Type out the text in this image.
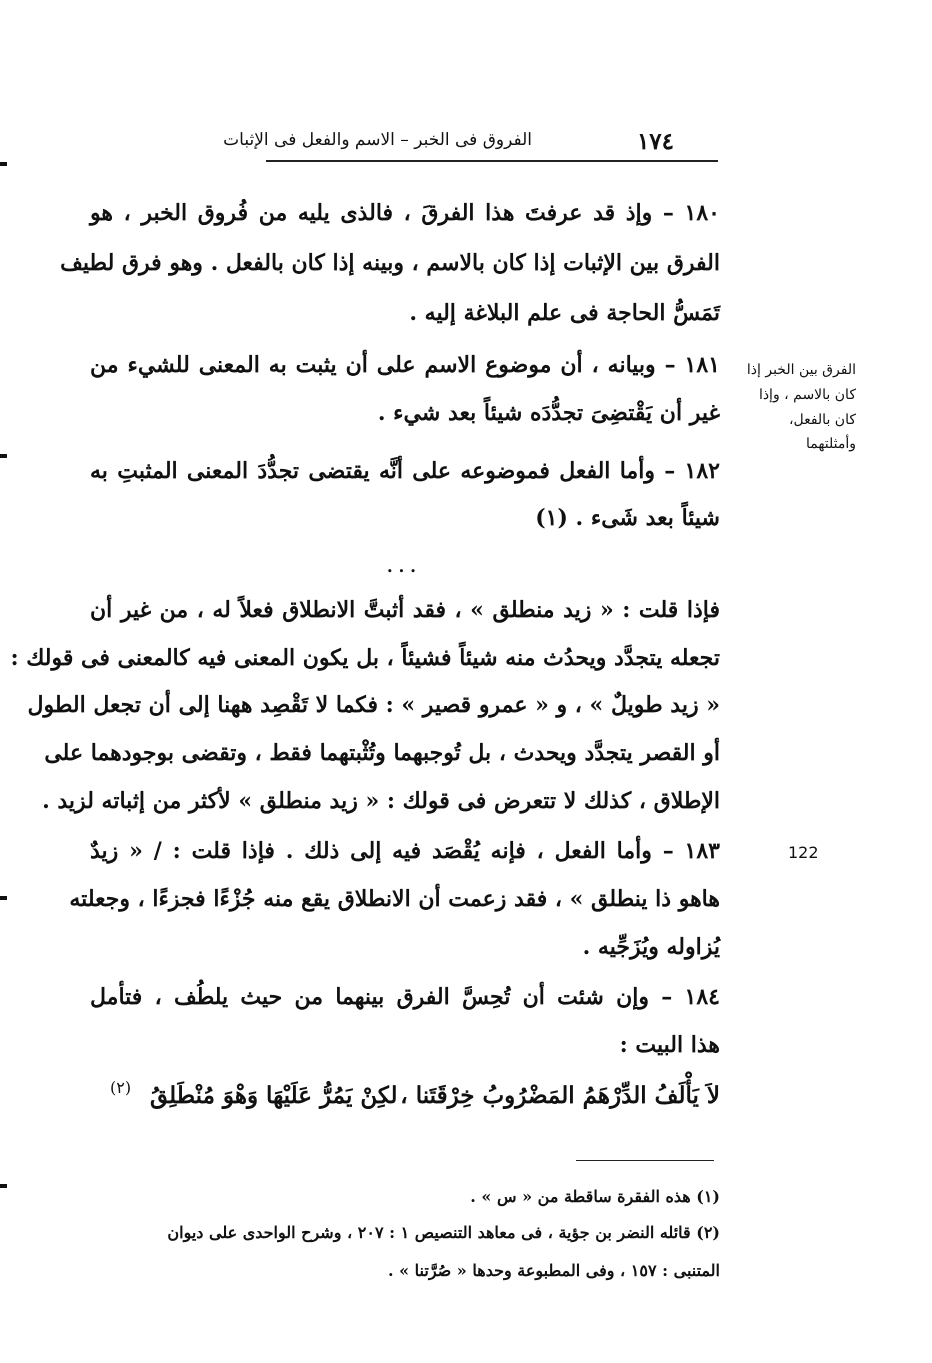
الفروق فى الخبر – الاسم والفعل فى الإثبات	١٧٤
١٨٠ – وإذ قد عرفتَ هذا الفرقَ ، فالذى يليه من فُروق الخبر ، هو
الفرق بين الإثبات إذا كان بالاسم ، وبينه إذا كان بالفعل . وهو فرق لطيف
تَمَسُّ الحاجة فى علم البلاغة إليه .
١٨١ – وبيانه ، أن موضوع الاسم على أن يثبت به المعنى للشيء من
غير أن يَقْتضِىَ تجدُّدَه شيئاً بعد شيء .
١٨٢ – وأما الفعل فموضوعه على أنَّه يقتضى تجدُّدَ المعنى المثبتِ به
شيئاً بعد شَىء . (١)
...
فإذا قلت : « زيد منطلق » ، فقد أثبتَّ الانطلاق فعلاً له ، من غير أن
تجعله يتجدَّد ويحدُث منه شيئاً فشيئاً ، بل يكون المعنى فيه كالمعنى فى قولك :
« زيد طويلٌ » ، و « عمرو قصير » : فكما لا تَقْصِد ههنا إلى أن تجعل الطول
أو القصر يتجدَّد ويحدث ، بل تُوجبهما وتُثْبتهما فقط ، وتقضى بوجودهما على
الإطلاق ، كذلك لا تتعرض فى قولك : « زيد منطلق » لأكثر من إثباته لزيد .
١٨٣ – وأما الفعل ، فإنه يُقْصَد فيه إلى ذلك . فإذا قلت : / « زيدٌ
هاهو ذا ينطلق » ، فقد زعمت أن الانطلاق يقع منه جُزْءًا فجزءًا ، وجعلته
يُزاوله ويُزَجِّيه .
١٨٤ – وإن شئت أن تُحِسَّ الفرق بينهما من حيث يلطُف ، فتأمل
هذا البيت :
لاَ يَأْلَفُ الدِّرْهَمُ المَضْرُوبُ خِرْقَتَنا ،
لكِنْ يَمُرُّ عَلَيْهَا وَهْوَ مُنْطَلِقُ
(٢)
الفرق بين الخبر إذا
كان بالاسم ، وإذا
كان بالفعل، وأمثلتهما
122
(١) هذه الفقرة ساقطة من « س » .
(٢) قائله النضر بن جؤية ، فى معاهد التنصيص ١ : ٢٠٧ ، وشرح الواحدى على ديوان
المتنبى : ١٥٧ ، وفى المطبوعة وحدها « صُرَّتنا » .
